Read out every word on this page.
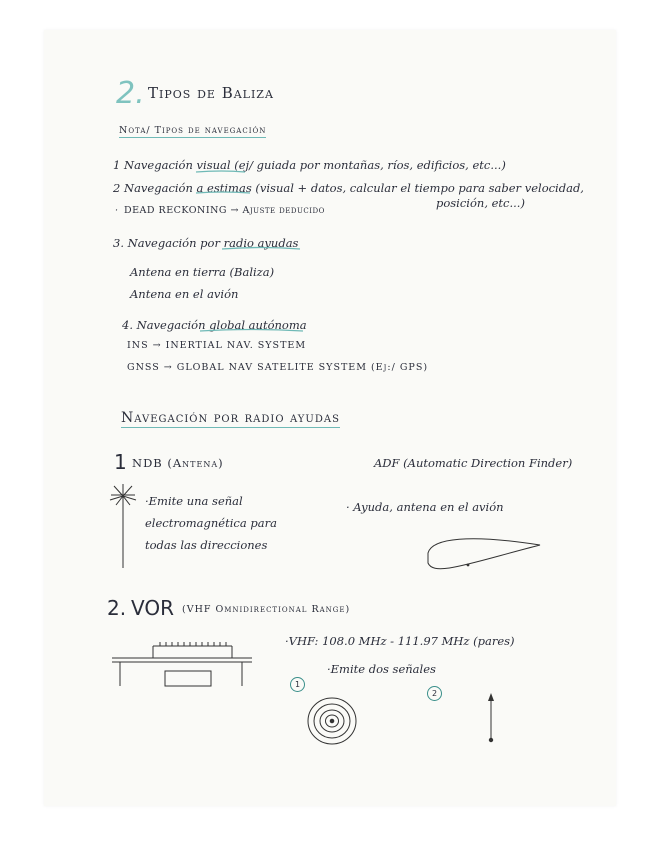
2. Tipos de Baliza
Nota/ Tipos de navegación
1 Navegación visual (ej/ guiada por montañas, ríos, edificios, etc...)
2 Navegación a estimas (visual + datos, calcular el tiempo para saber velocidad,
posición, etc...)
· DEAD RECKONING → Ajuste deducido
3. Navegación por radio ayudas
Antena en tierra (Baliza)
Antena en el avión
4. Navegación global autónoma
INS → INERTIAL NAV. SYSTEM
GNSS → GLOBAL NAV SATELITE SYSTEM (Ej:/ GPS)
Navegación por radio ayudas
1 NDB (Antena)
·Emite una señal
electromagnética para
todas las direcciones
ADF (Automatic Direction Finder)
· Ayuda, antena en el avión
2. VOR (VHF Omnidirectional Range)
·VHF: 108.0 MHz - 111.97 MHz (pares)
·Emite dos señales
1
2
